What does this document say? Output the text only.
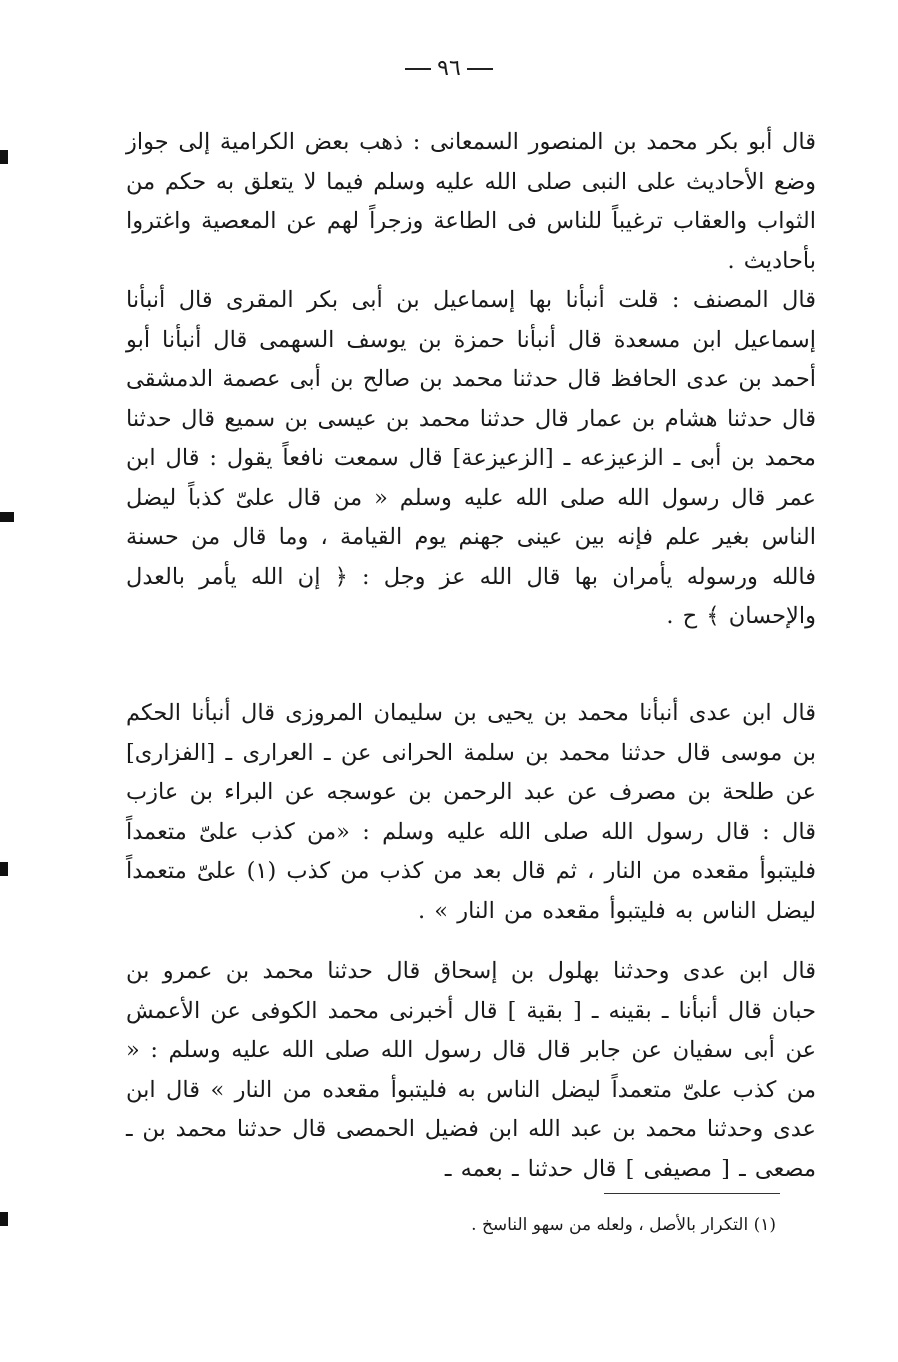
٩٦

قال أبو بكر محمد بن المنصور السمعانى : ذهب بعض الكرامية إلى جواز وضع الأحاديث على النبى صلى الله عليه وسلم فيما لا يتعلق به حكم من الثواب والعقاب ترغيباً للناس فى الطاعة وزجراً لهم عن المعصية واغتروا بأحاديث .

قال المصنف : قلت أنبأنا بها إسماعيل بن أبى بكر المقرى قال أنبأنا إسماعيل ابن مسعدة قال أنبأنا حمزة بن يوسف السهمى قال أنبأنا أبو أحمد بن عدى الحافظ قال حدثنا محمد بن صالح بن أبى عصمة الدمشقى قال حدثنا هشام بن عمار قال حدثنا محمد بن عيسى بن سميع قال حدثنا محمد بن أبى ـ الزعيزعه ـ [الزعيزعة] قال سمعت نافعاً يقول : قال ابن عمر قال رسول الله صلى الله عليه وسلم « من قال علىّ كذباً ليضل الناس بغير علم فإنه بين عينى جهنم يوم القيامة ، وما قال من حسنة فالله ورسوله يأمران بها قال الله عز وجل : ﴿ إن الله يأمر بالعدل والإحسان ﴾ ح .

قال ابن عدى أنبأنا محمد بن يحيى بن سليمان المروزى قال أنبأنا الحكم بن موسى قال حدثنا محمد بن سلمة الحرانى عن ـ العرارى ـ [الفزارى] عن طلحة بن مصرف عن عبد الرحمن بن عوسجه عن البراء بن عازب قال : قال رسول الله صلى الله عليه وسلم : «من كذب علىّ متعمداً فليتبوأ مقعده من النار ، ثم قال بعد من كذب من كذب (١) علىّ متعمداً ليضل الناس به فليتبوأ مقعده من النار » .

قال ابن عدى وحدثنا بهلول بن إسحاق قال حدثنا محمد بن عمرو بن حبان قال أنبأنا ـ بقينه ـ [ بقية ] قال أخبرنى محمد الكوفى عن الأعمش عن أبى سفيان عن جابر قال قال رسول الله صلى الله عليه وسلم : « من كذب علىّ متعمداً ليضل الناس به فليتبوأ مقعده من النار » قال ابن عدى وحدثنا محمد بن عبد الله ابن فضيل الحمصى قال حدثنا محمد بن ـ مصعى ـ [ مصيفى ] قال حدثنا ـ بعمه ـ

(١) التكرار بالأصل ، ولعله من سهو الناسخ .
